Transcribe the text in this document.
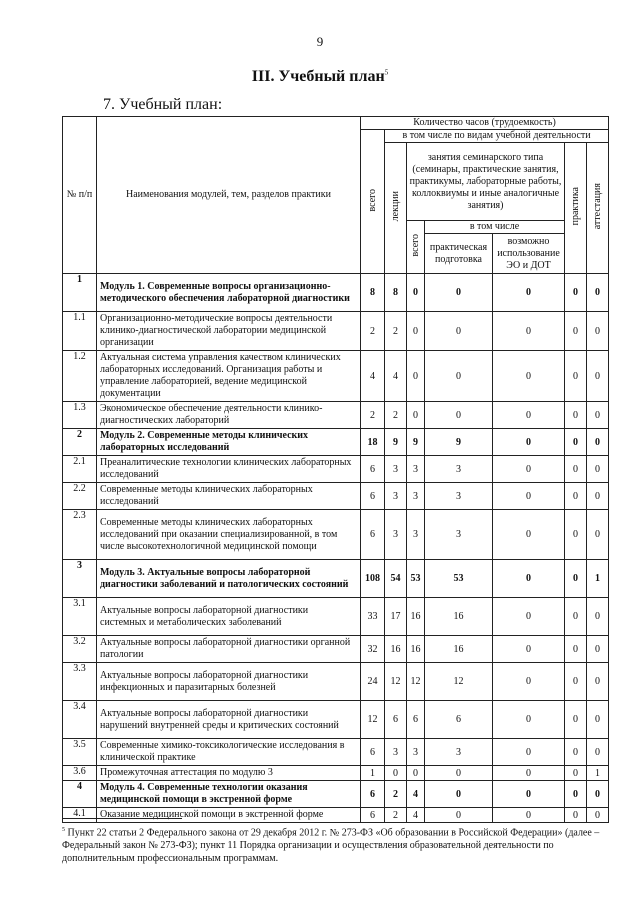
9
III. Учебный план$^5$
7. Учебный план:
№ п/п	Наименования модулей, тем, разделов практики	Количество часов (трудоемкость)						
		всего	в том числе по видам учебной деятельности					
			лекции	занятия семинарского типа (семинары, практические занятия, практикумы, лабораторные работы, коллоквиумы и иные аналогичные занятия)			практика	аттестация
				всего	в том числе			
					практическая подготовка	возможно использование ЭО и ДОТ		
1	Модуль 1. Современные вопросы организационно-методического обеспечения лабораторной диагностики	8	8	0	0	0	0	0
1.1	Организационно-методические вопросы деятельности клинико-диагностической лаборатории медицинской организации	2	2	0	0	0	0	0
1.2	Актуальная система управления качеством клинических лабораторных исследований. Организация работы и управление лабораторией, ведение медицинской документации	4	4	0	0	0	0	0
1.3	Экономическое обеспечение деятельности клинико-диагностических лабораторий	2	2	0	0	0	0	0
2	Модуль 2. Современные методы клинических лабораторных исследований	18	9	9	9	0	0	0
2.1	Преаналитические технологии клинических лабораторных исследований	6	3	3	3	0	0	0
2.2	Современные методы клинических лабораторных исследований	6	3	3	3	0	0	0
2.3	Современные методы клинических лабораторных исследований при оказании специализированной, в том числе высокотехнологичной медицинской помощи	6	3	3	3	0	0	0
3	Модуль 3. Актуальные вопросы лабораторной диагностики заболеваний и патологических состояний	108	54	53	53	0	0	1
3.1	Актуальные вопросы лабораторной диагностики системных и метаболических заболеваний	33	17	16	16	0	0	0
3.2	Актуальные вопросы лабораторной диагностики органной патологии	32	16	16	16	0	0	0
3.3	Актуальные вопросы лабораторной диагностики инфекционных и паразитарных болезней	24	12	12	12	0	0	0
3.4	Актуальные вопросы лабораторной диагностики нарушений внутренней среды и критических состояний	12	6	6	6	0	0	0
3.5	Современные химико-токсикологические исследования в клинической практике	6	3	3	3	0	0	0
3.6	Промежуточная аттестация по модулю 3	1	0	0	0	0	0	1
4	Модуль 4. Современные технологии оказания медицинской помощи в экстренной форме	6	2	4	0	0	0	0
4.1	Оказание медицинской помощи в экстренной форме	6	2	4	0	0	0	0
$^5$ Пункт 22 статьи 2 Федерального закона от 29 декабря 2012 г. № 273-ФЗ «Об образовании в Российской Федерации» (далее – Федеральный закон № 273-ФЗ); пункт 11 Порядка организации и осуществления образовательной деятельности по дополнительным профессиональным программам.
